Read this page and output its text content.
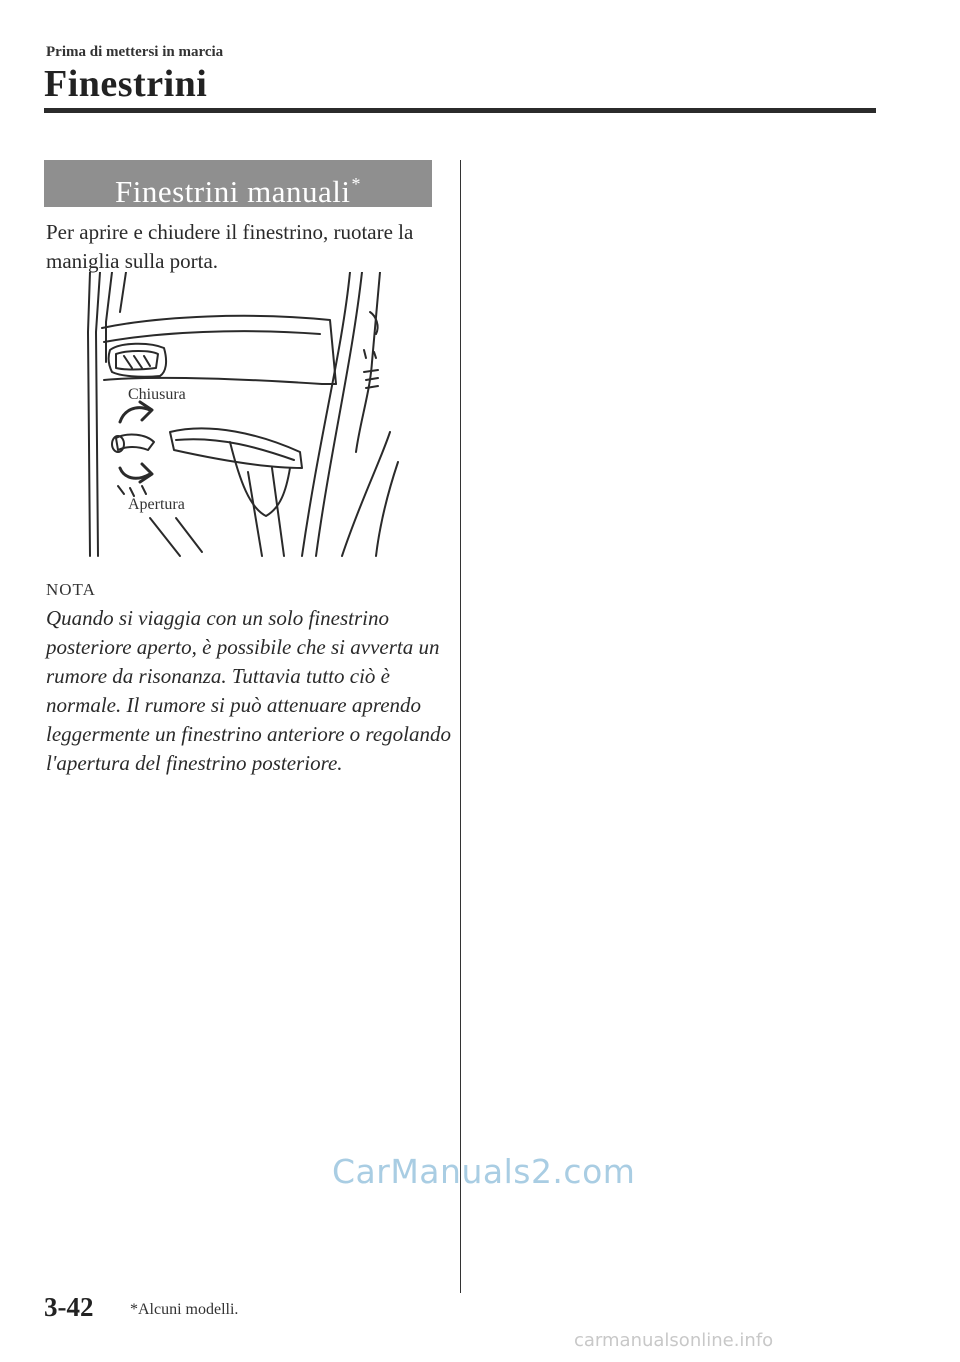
Prima di mettersi in marcia
Finestrini
Finestrini manuali*
Per aprire e chiudere il finestrino, ruotare la maniglia sulla porta.
Chiusura
Apertura
NOTA
Quando si viaggia con un solo finestrino posteriore aperto, è possibile che si avverta un rumore da risonanza. Tuttavia tutto ciò è normale. Il rumore si può attenuare aprendo leggermente un finestrino anteriore o regolando l'apertura del finestrino posteriore.
3-42 *Alcuni modelli.
CarManuals2.com
carmanualsonline.info
